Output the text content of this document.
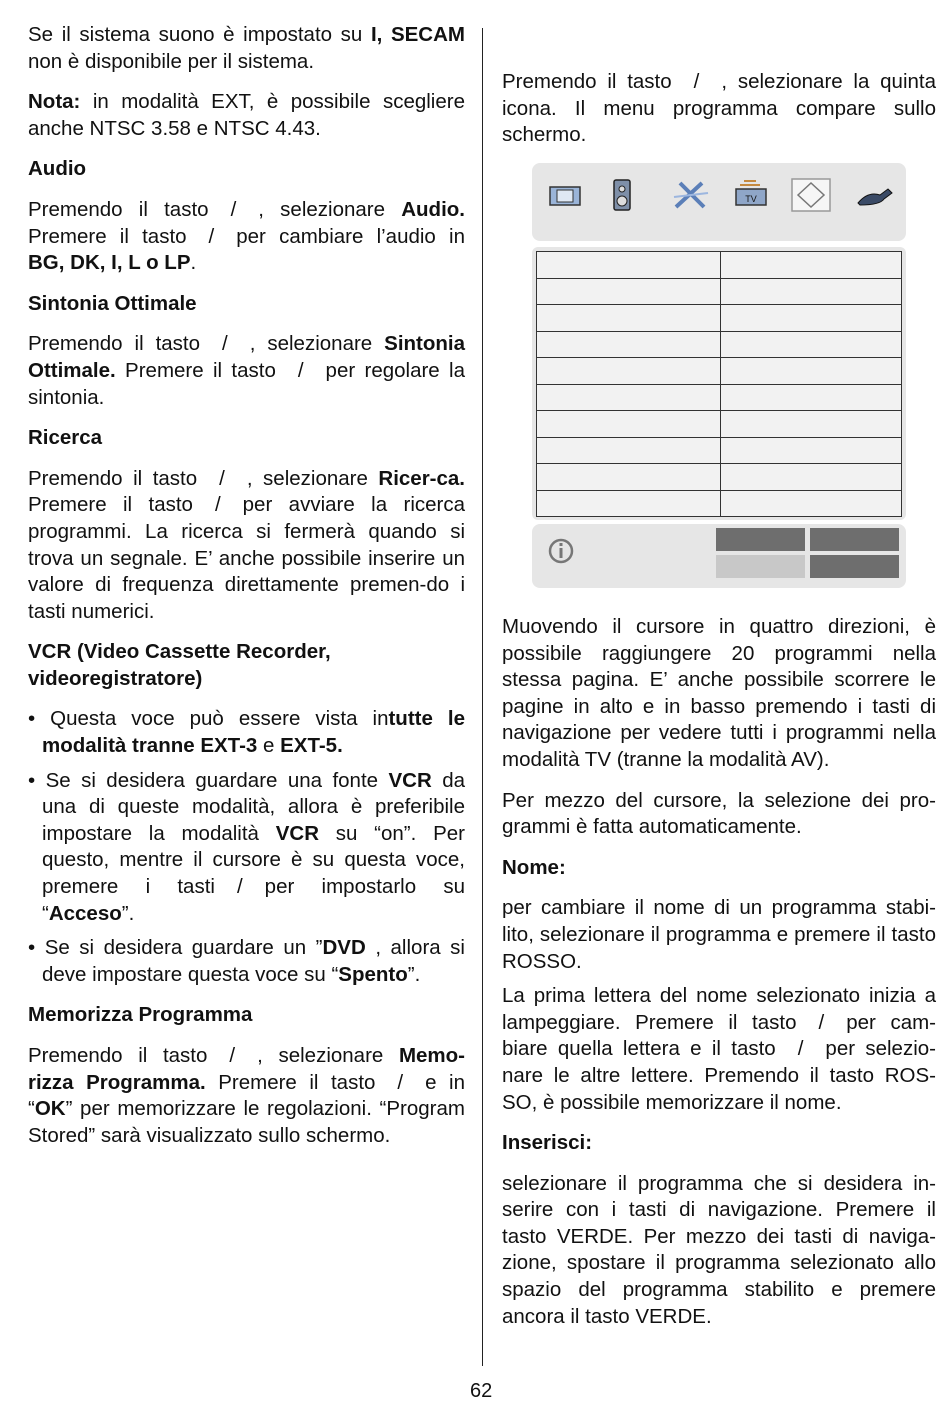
Se il sistema suono è impostato su I, SECAM non è disponibile per il sistema.

Nota: in modalità EXT, è possibile scegliere anche NTSC 3.58 e NTSC 4.43.

Audio

Premendo il tasto / , selezionare Audio. Premere il tasto / per cambiare l’audio in BG, DK, I, L o LP.

Sintonia Ottimale

Premendo il tasto / , selezionare Sintonia Ottimale. Premere il tasto / per regolare la sintonia.

Ricerca

Premendo il tasto / , selezionare Ricer-ca. Premere il tasto / per avviare la ricerca programmi. La ricerca si fermerà quando si trova un segnale. E’ anche possibile inserire un valore di frequenza direttamente premen-do i tasti numerici.

VCR (Video Cassette Recorder, videoregistratore)

• Questa voce può essere vista intutte le modalità tranne EXT-3 e EXT-5.

• Se si desidera guardare una fonte VCR da una di queste modalità, allora è preferibile impostare la modalità VCR su “on”. Per questo, mentre il cursore è su questa voce, premere i tasti / per impostarlo su “Acceso”.

• Se si desidera guardare un ”DVD , allora si deve impostare questa voce su “Spento”.

Memorizza Programma

Premendo il tasto / , selezionare Memo-rizza Programma. Premere il tasto / e in “OK” per memorizzare le regolazioni. “Program Stored” sarà visualizzato sullo schermo.

Premendo il tasto / , selezionare la quinta icona. Il menu programma compare sullo schermo.

TV

Muovendo il cursore in quattro direzioni, è possibile raggiungere 20 programmi nella stessa pagina. E’ anche possibile scorrere le pagine in alto e in basso premendo i tasti di navigazione per vedere tutti i programmi nella modalità TV (tranne la modalità AV).

Per mezzo del cursore, la selezione dei pro-grammi è fatta automaticamente.

Nome:

per cambiare il nome di un programma stabi-lito, selezionare il programma e premere il tasto ROSSO.

La prima lettera del nome selezionato inizia a lampeggiare. Premere il tasto / per cam-biare quella lettera e il tasto / per selezio-nare le altre lettere. Premendo il tasto ROS-SO, è possibile memorizzare il nome.

Inserisci:

selezionare il programma che si desidera in-serire con i tasti di navigazione. Premere il tasto VERDE. Per mezzo dei tasti di naviga-zione, spostare il programma selezionato allo spazio del programma stabilito e premere ancora il tasto VERDE.

62
